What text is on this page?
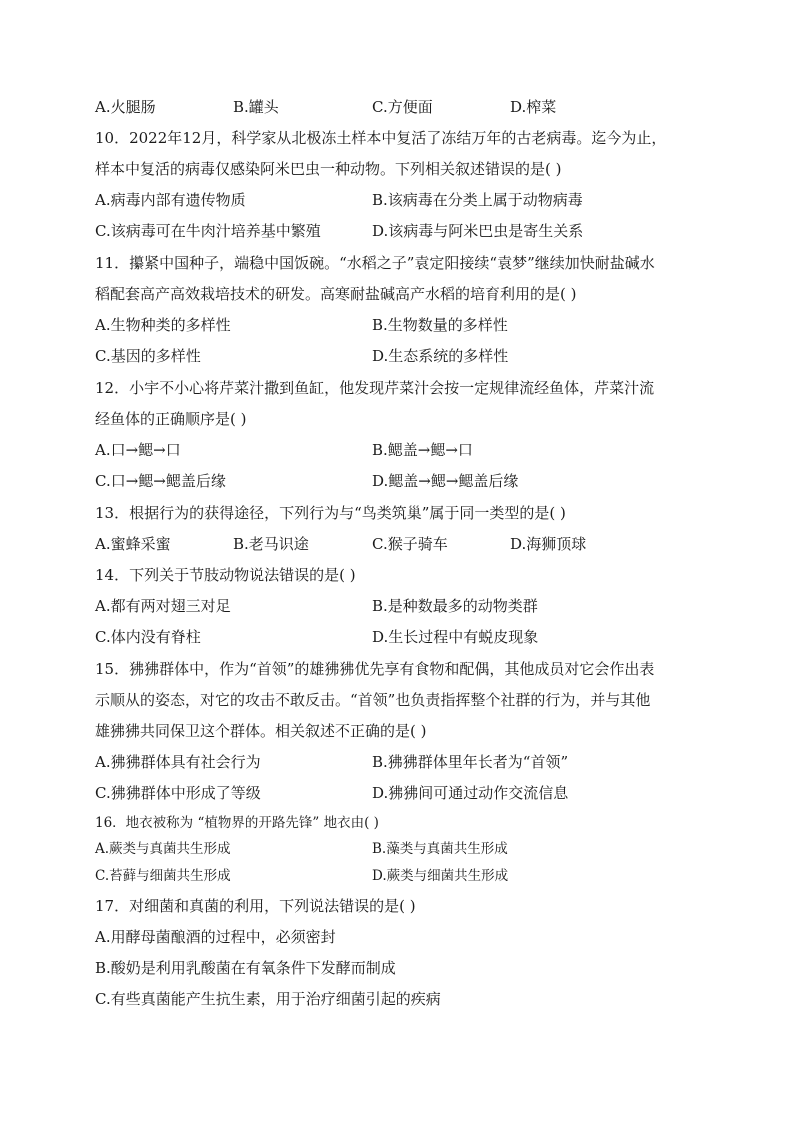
A.火腿肠	B.罐头	C.方便面	D.榨菜
10．2022年12月，科学家从北极冻土样本中复活了冻结万年的古老病毒。迄今为止，
样本中复活的病毒仅感染阿米巴虫一种动物。下列相关叙述错误的是( )
A.病毒内部有遗传物质	B.该病毒在分类上属于动物病毒
C.该病毒可在牛肉汁培养基中繁殖	D.该病毒与阿米巴虫是寄生关系
11．攥紧中国种子，端稳中国饭碗。“水稻之子”袁定阳接续“袁梦”继续加快耐盐碱水
稻配套高产高效栽培技术的研发。高寒耐盐碱高产水稻的培育利用的是( )
A.生物种类的多样性	B.生物数量的多样性
C.基因的多样性	D.生态系统的多样性
12．小宇不小心将芹菜汁撒到鱼缸，他发现芹菜汁会按一定规律流经鱼体，芹菜汁流
经鱼体的正确顺序是( )
A.口→鳃→口	B.鳃盖→鳃→口
C.口→鳃→鳃盖后缘	D.鳃盖→鳃→鳃盖后缘
13．根据行为的获得途径，下列行为与“鸟类筑巢”属于同一类型的是( )
A.蜜蜂采蜜	B.老马识途	C.猴子骑车	D.海狮顶球
14．下列关于节肢动物说法错误的是( )
A.都有两对翅三对足	B.是种数最多的动物类群
C.体内没有脊柱	D.生长过程中有蜕皮现象
15．狒狒群体中，作为“首领”的雄狒狒优先享有食物和配偶，其他成员对它会作出表
示顺从的姿态，对它的攻击不敢反击。“首领”也负责指挥整个社群的行为，并与其他
雄狒狒共同保卫这个群体。相关叙述不正确的是( )
A.狒狒群体具有社会行为	B.狒狒群体里年长者为“首领”
C.狒狒群体中形成了等级	D.狒狒间可通过动作交流信息
16．地衣被称为 “植物界的开路先锋” 地衣由( )
A.蕨类与真菌共生形成	B.藻类与真菌共生形成
C.苔藓与细菌共生形成	D.蕨类与细菌共生形成
17．对细菌和真菌的利用，下列说法错误的是( )
A.用酵母菌酿酒的过程中，必须密封
B.酸奶是利用乳酸菌在有氧条件下发酵而制成
C.有些真菌能产生抗生素，用于治疗细菌引起的疾病
